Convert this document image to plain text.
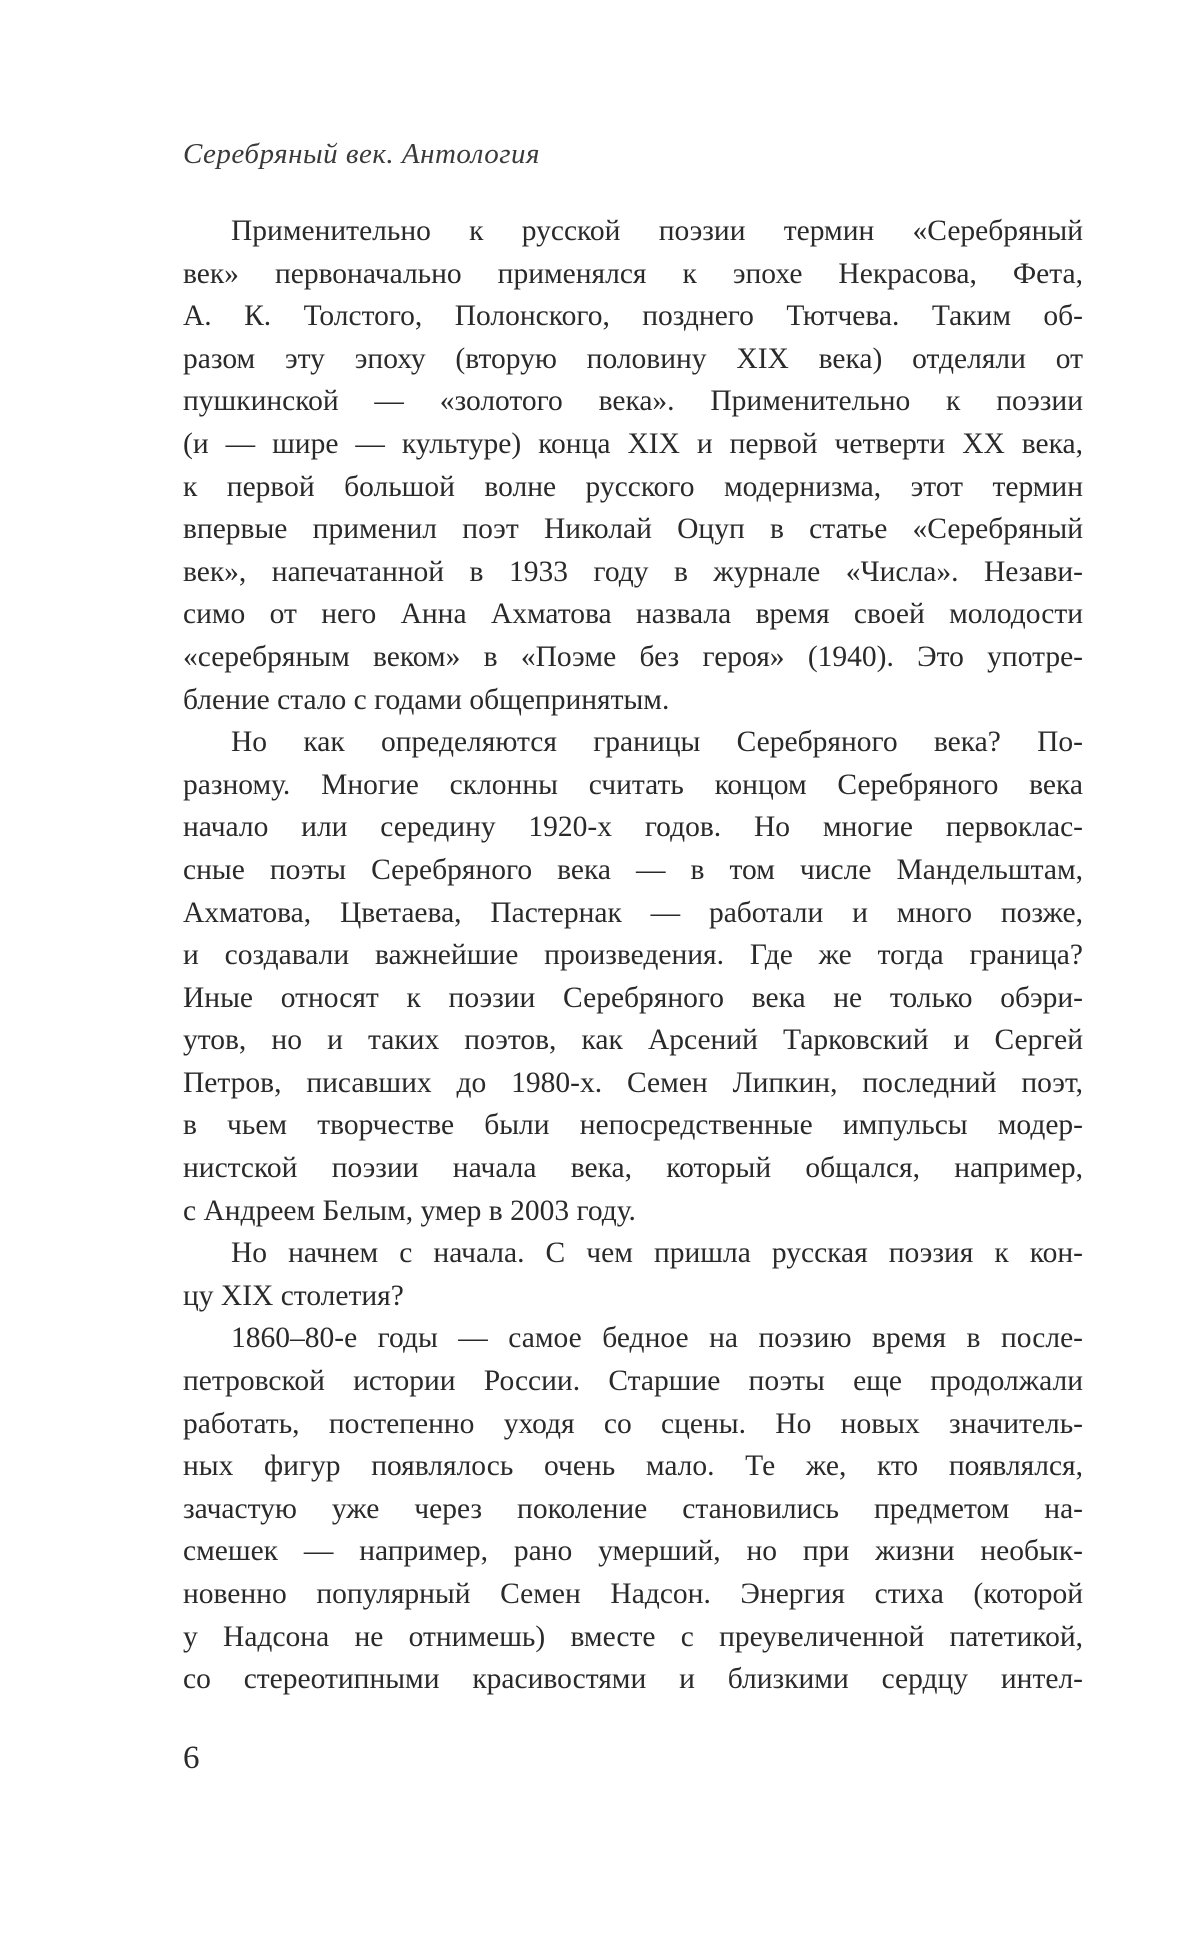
Серебряный век. Антология
Применительно к русской поэзии термин «Серебряный
век» первоначально применялся к эпохе Некрасова, Фета,
А. К. Толстого, Полонского, позднего Тютчева. Таким об-
разом эту эпоху (вторую половину XIX века) отделяли от
пушкинской — «золотого века». Применительно к поэзии
(и — шире — культуре) конца XIX и первой четверти XX века,
к первой большой волне русского модернизма, этот термин
впервые применил поэт Николай Оцуп в статье «Серебряный
век», напечатанной в 1933 году в журнале «Числа». Незави-
симо от него Анна Ахматова назвала время своей молодости
«серебряным веком» в «Поэме без героя» (1940). Это употре-
бление стало с годами общепринятым.
Но как определяются границы Серебряного века? По-
разному. Многие склонны считать концом Серебряного века
начало или середину 1920-х годов. Но многие первоклас-
сные поэты Серебряного века — в том числе Мандельштам,
Ахматова, Цветаева, Пастернак — работали и много позже,
и создавали важнейшие произведения. Где же тогда граница?
Иные относят к поэзии Серебряного века не только обэри-
утов, но и таких поэтов, как Арсений Тарковский и Сергей
Петров, писавших до 1980-х. Семен Липкин, последний поэт,
в чьем творчестве были непосредственные импульсы модер-
нистской поэзии начала века, который общался, например,
с Андреем Белым, умер в 2003 году.
Но начнем с начала. С чем пришла русская поэзия к кон-
цу XIX столетия?
1860–80-е годы — самое бедное на поэзию время в после-
петровской истории России. Старшие поэты еще продолжали
работать, постепенно уходя со сцены. Но новых значитель-
ных фигур появлялось очень мало. Те же, кто появлялся,
зачастую уже через поколение становились предметом на-
смешек — например, рано умерший, но при жизни необык-
новенно популярный Семен Надсон. Энергия стиха (которой
у Надсона не отнимешь) вместе с преувеличенной патетикой,
со стереотипными красивостями и близкими сердцу интел-
6
